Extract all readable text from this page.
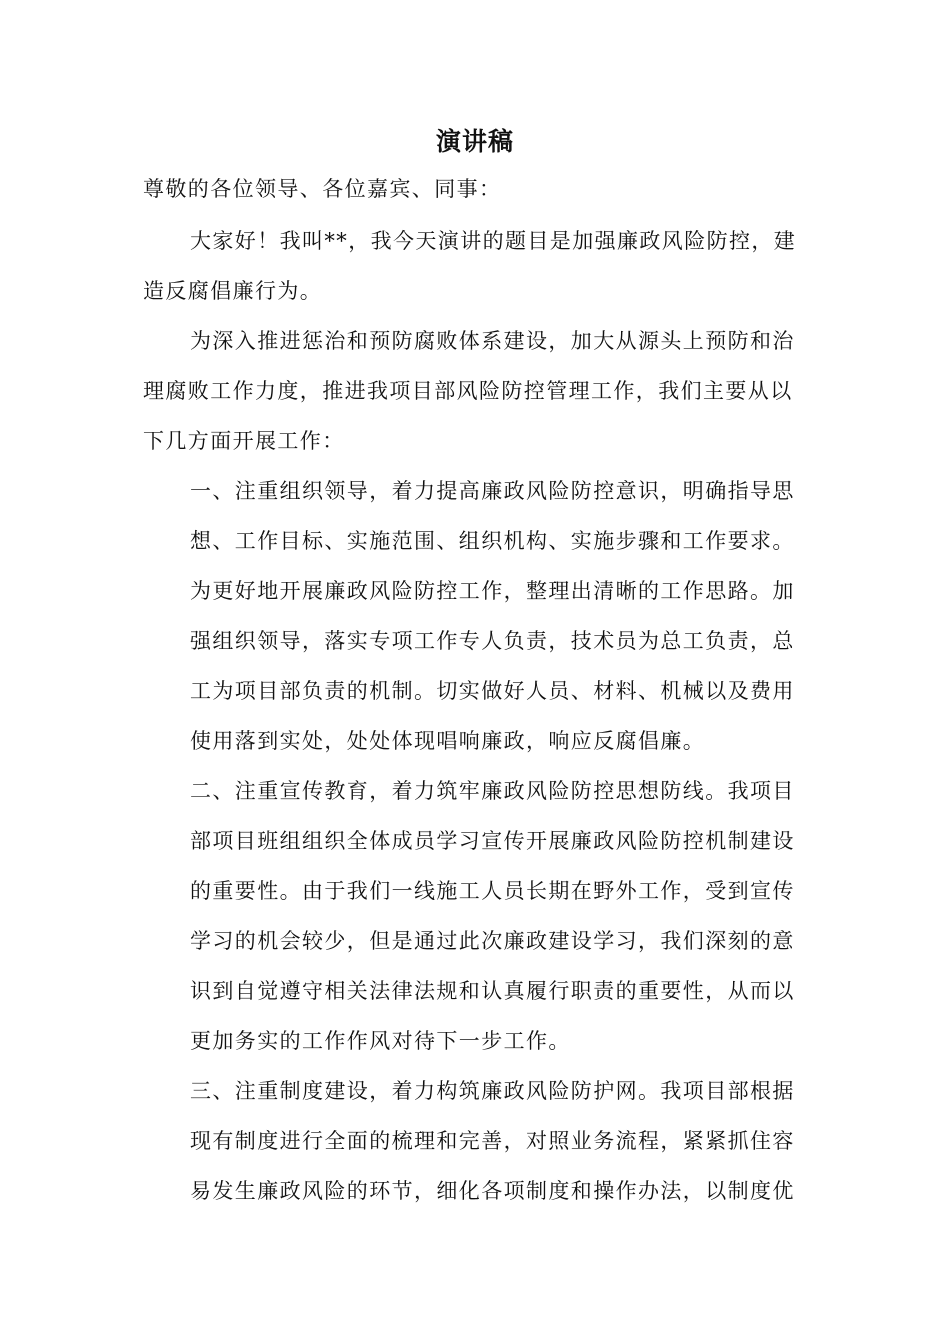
演讲稿
尊敬的各位领导、各位嘉宾、同事：
大家好！我叫**，我今天演讲的题目是加强廉政风险防控，建
造反腐倡廉行为。
为深入推进惩治和预防腐败体系建设，加大从源头上预防和治
理腐败工作力度，推进我项目部风险防控管理工作，我们主要从以
下几方面开展工作：
一、注重组织领导，着力提高廉政风险防控意识，明确指导思
想、工作目标、实施范围、组织机构、实施步骤和工作要求。
为更好地开展廉政风险防控工作，整理出清晰的工作思路。加
强组织领导，落实专项工作专人负责，技术员为总工负责，总
工为项目部负责的机制。切实做好人员、材料、机械以及费用
使用落到实处，处处体现唱响廉政，响应反腐倡廉。
二、注重宣传教育，着力筑牢廉政风险防控思想防线。我项目
部项目班组组织全体成员学习宣传开展廉政风险防控机制建设
的重要性。由于我们一线施工人员长期在野外工作，受到宣传
学习的机会较少，但是通过此次廉政建设学习，我们深刻的意
识到自觉遵守相关法律法规和认真履行职责的重要性，从而以
更加务实的工作作风对待下一步工作。
三、注重制度建设，着力构筑廉政风险防护网。我项目部根据
现有制度进行全面的梳理和完善，对照业务流程，紧紧抓住容
易发生廉政风险的环节，细化各项制度和操作办法，以制度优
